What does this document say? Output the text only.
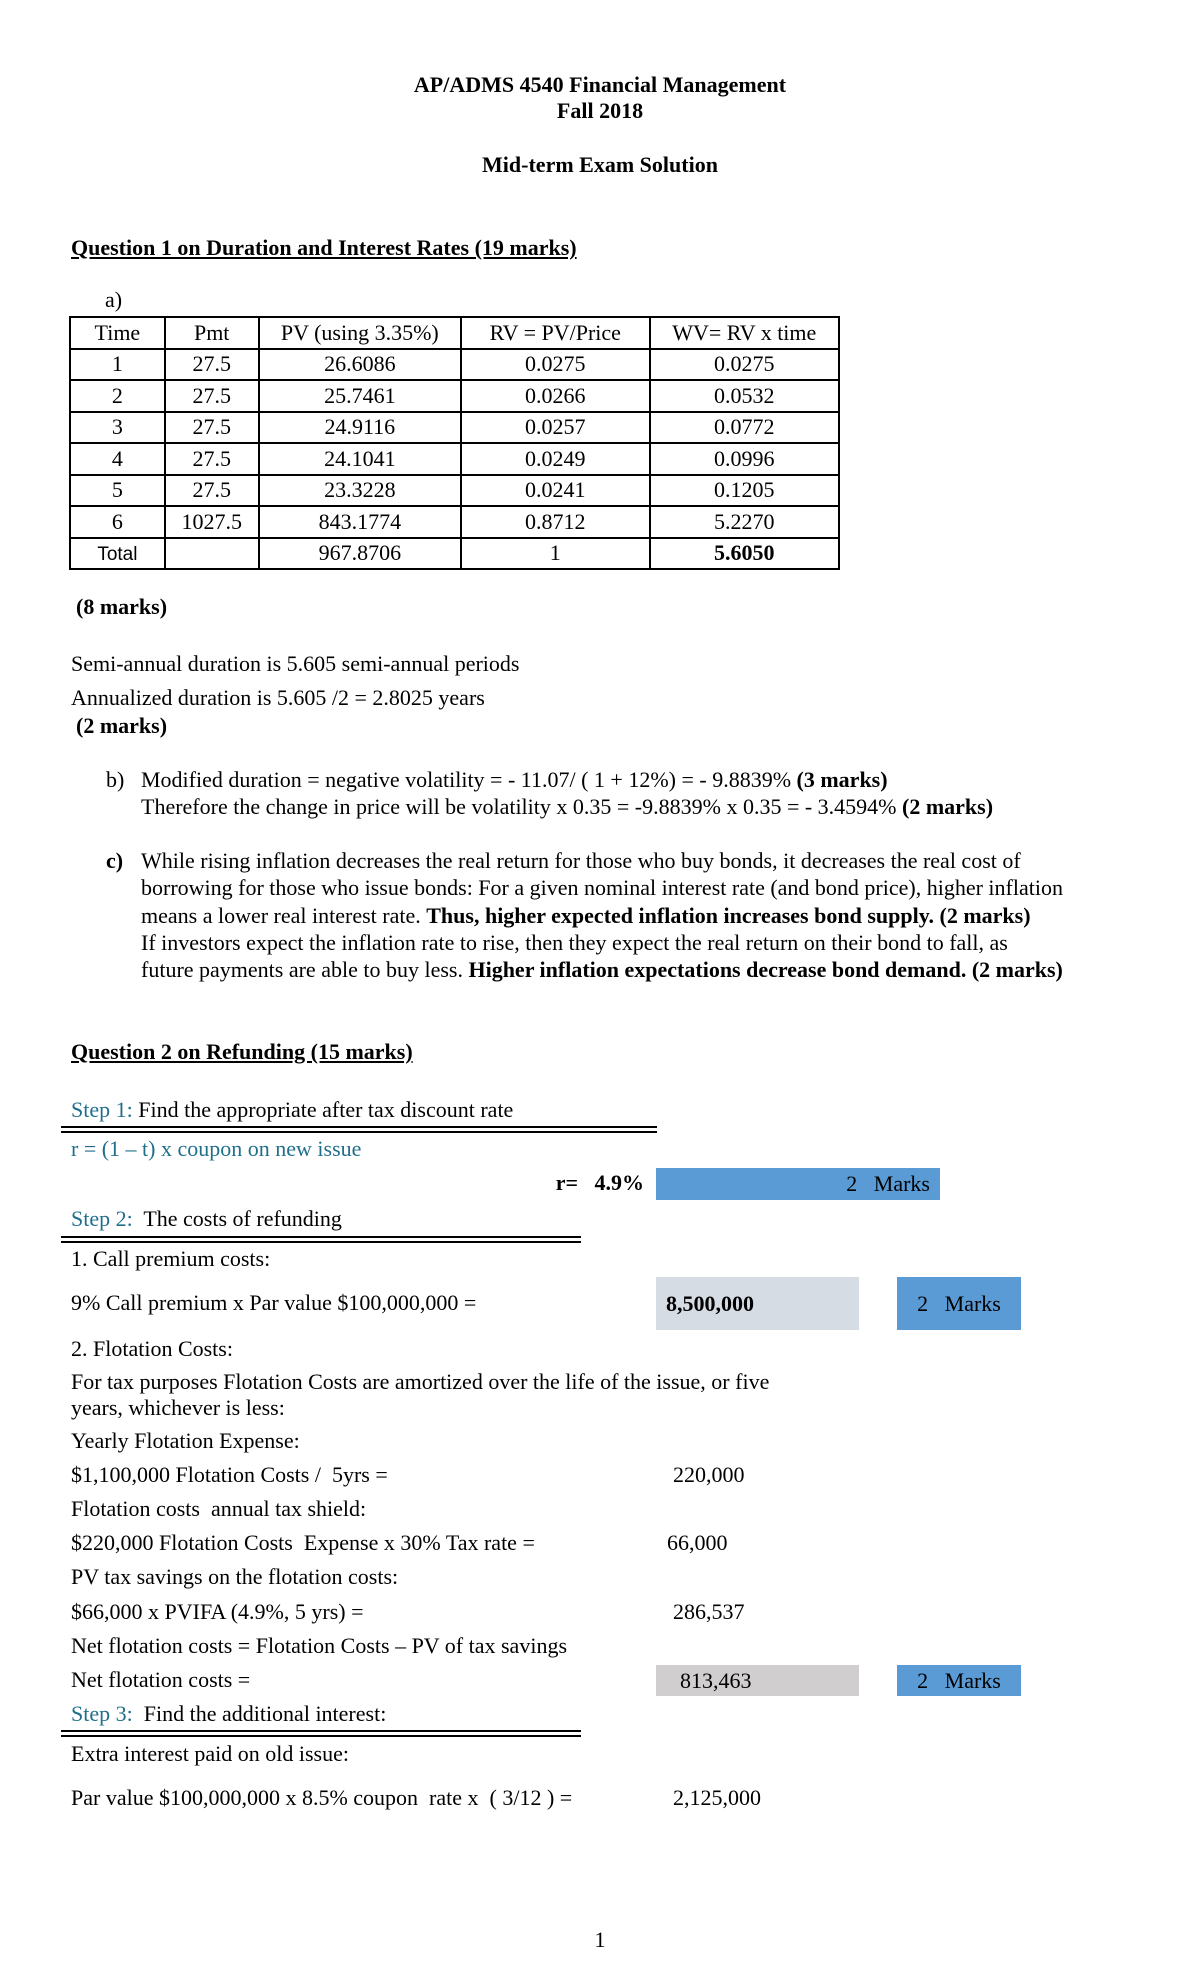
AP/ADMS 4540 Financial Management
Fall 2018
Mid-term Exam Solution
Question 1 on Duration and Interest Rates (19 marks)
a)
Time	Pmt	PV (using 3.35%)	RV = PV/Price	WV= RV x time
1	27.5	26.6086	0.0275	0.0275
2	27.5	25.7461	0.0266	0.0532
3	27.5	24.9116	0.0257	0.0772
4	27.5	24.1041	0.0249	0.0996
5	27.5	23.3228	0.0241	0.1205
6	1027.5	843.1774	0.8712	5.2270
Total		967.8706	1	5.6050
(8 marks)
Semi-annual duration is 5.605 semi-annual periods
Annualized duration is 5.605 /2 = 2.8025 years
(2 marks)
b) Modified duration = negative volatility = - 11.07/ ( 1 + 12%) = - 9.8839% (3 marks)
Therefore the change in price will be volatility x 0.35 = -9.8839% x 0.35 = - 3.4594% (2 marks)
c) While rising inflation decreases the real return for those who buy bonds, it decreases the real cost of
borrowing for those who issue bonds: For a given nominal interest rate (and bond price), higher inflation
means a lower real interest rate. Thus, higher expected inflation increases bond supply. (2 marks)
If investors expect the inflation rate to rise, then they expect the real return on their bond to fall, as
future payments are able to buy less. Higher inflation expectations decrease bond demand. (2 marks)
Question 2 on Refunding (15 marks)
Step 1: Find the appropriate after tax discount rate
r = (1 – t) x coupon on new issue
r=   4.9%	2
Marks
Step 2:  The costs of refunding
1. Call premium costs:
9% Call premium x Par value $100,000,000 =	8,500,000	2
Marks
2. Flotation Costs:
For tax purposes Flotation Costs are amortized over the life of the issue, or five
years, whichever is less:
Yearly Flotation Expense:
$1,100,000 Flotation Costs /  5yrs =	220,000
Flotation costs  annual tax shield:
$220,000 Flotation Costs  Expense x 30% Tax rate =	66,000
PV tax savings on the flotation costs:
$66,000 x PVIFA (4.9%, 5 yrs) =	286,537
Net flotation costs = Flotation Costs – PV of tax savings
Net flotation costs =	813,463	2
Marks
Step 3:  Find the additional interest:
Extra interest paid on old issue:
Par value $100,000,000 x 8.5% coupon  rate x  ( 3/12 ) =	2,125,000
1
